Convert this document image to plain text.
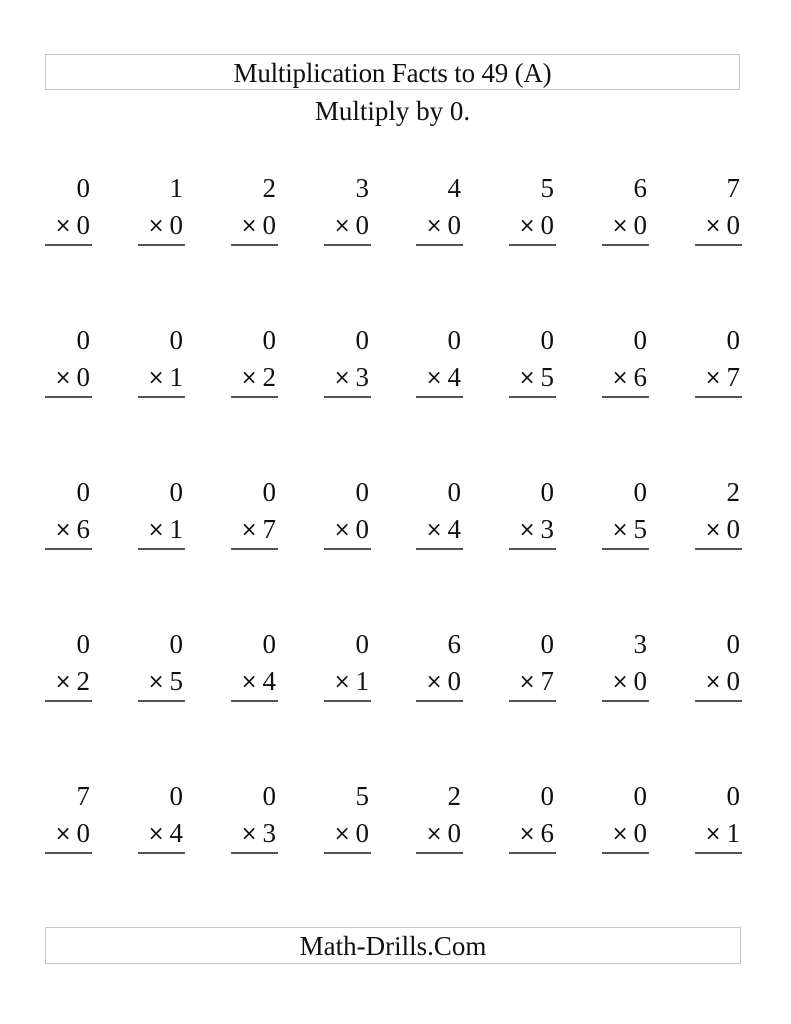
Multiplication Facts to 49 (A)
Multiply by 0.
0
× 0
1
× 0
2
× 0
3
× 0
4
× 0
5
× 0
6
× 0
7
× 0
0
× 0
0
× 1
0
× 2
0
× 3
0
× 4
0
× 5
0
× 6
0
× 7
0
× 6
0
× 1
0
× 7
0
× 0
0
× 4
0
× 3
0
× 5
2
× 0
0
× 2
0
× 5
0
× 4
0
× 1
6
× 0
0
× 7
3
× 0
0
× 0
7
× 0
0
× 4
0
× 3
5
× 0
2
× 0
0
× 6
0
× 0
0
× 1
Math-Drills.Com
